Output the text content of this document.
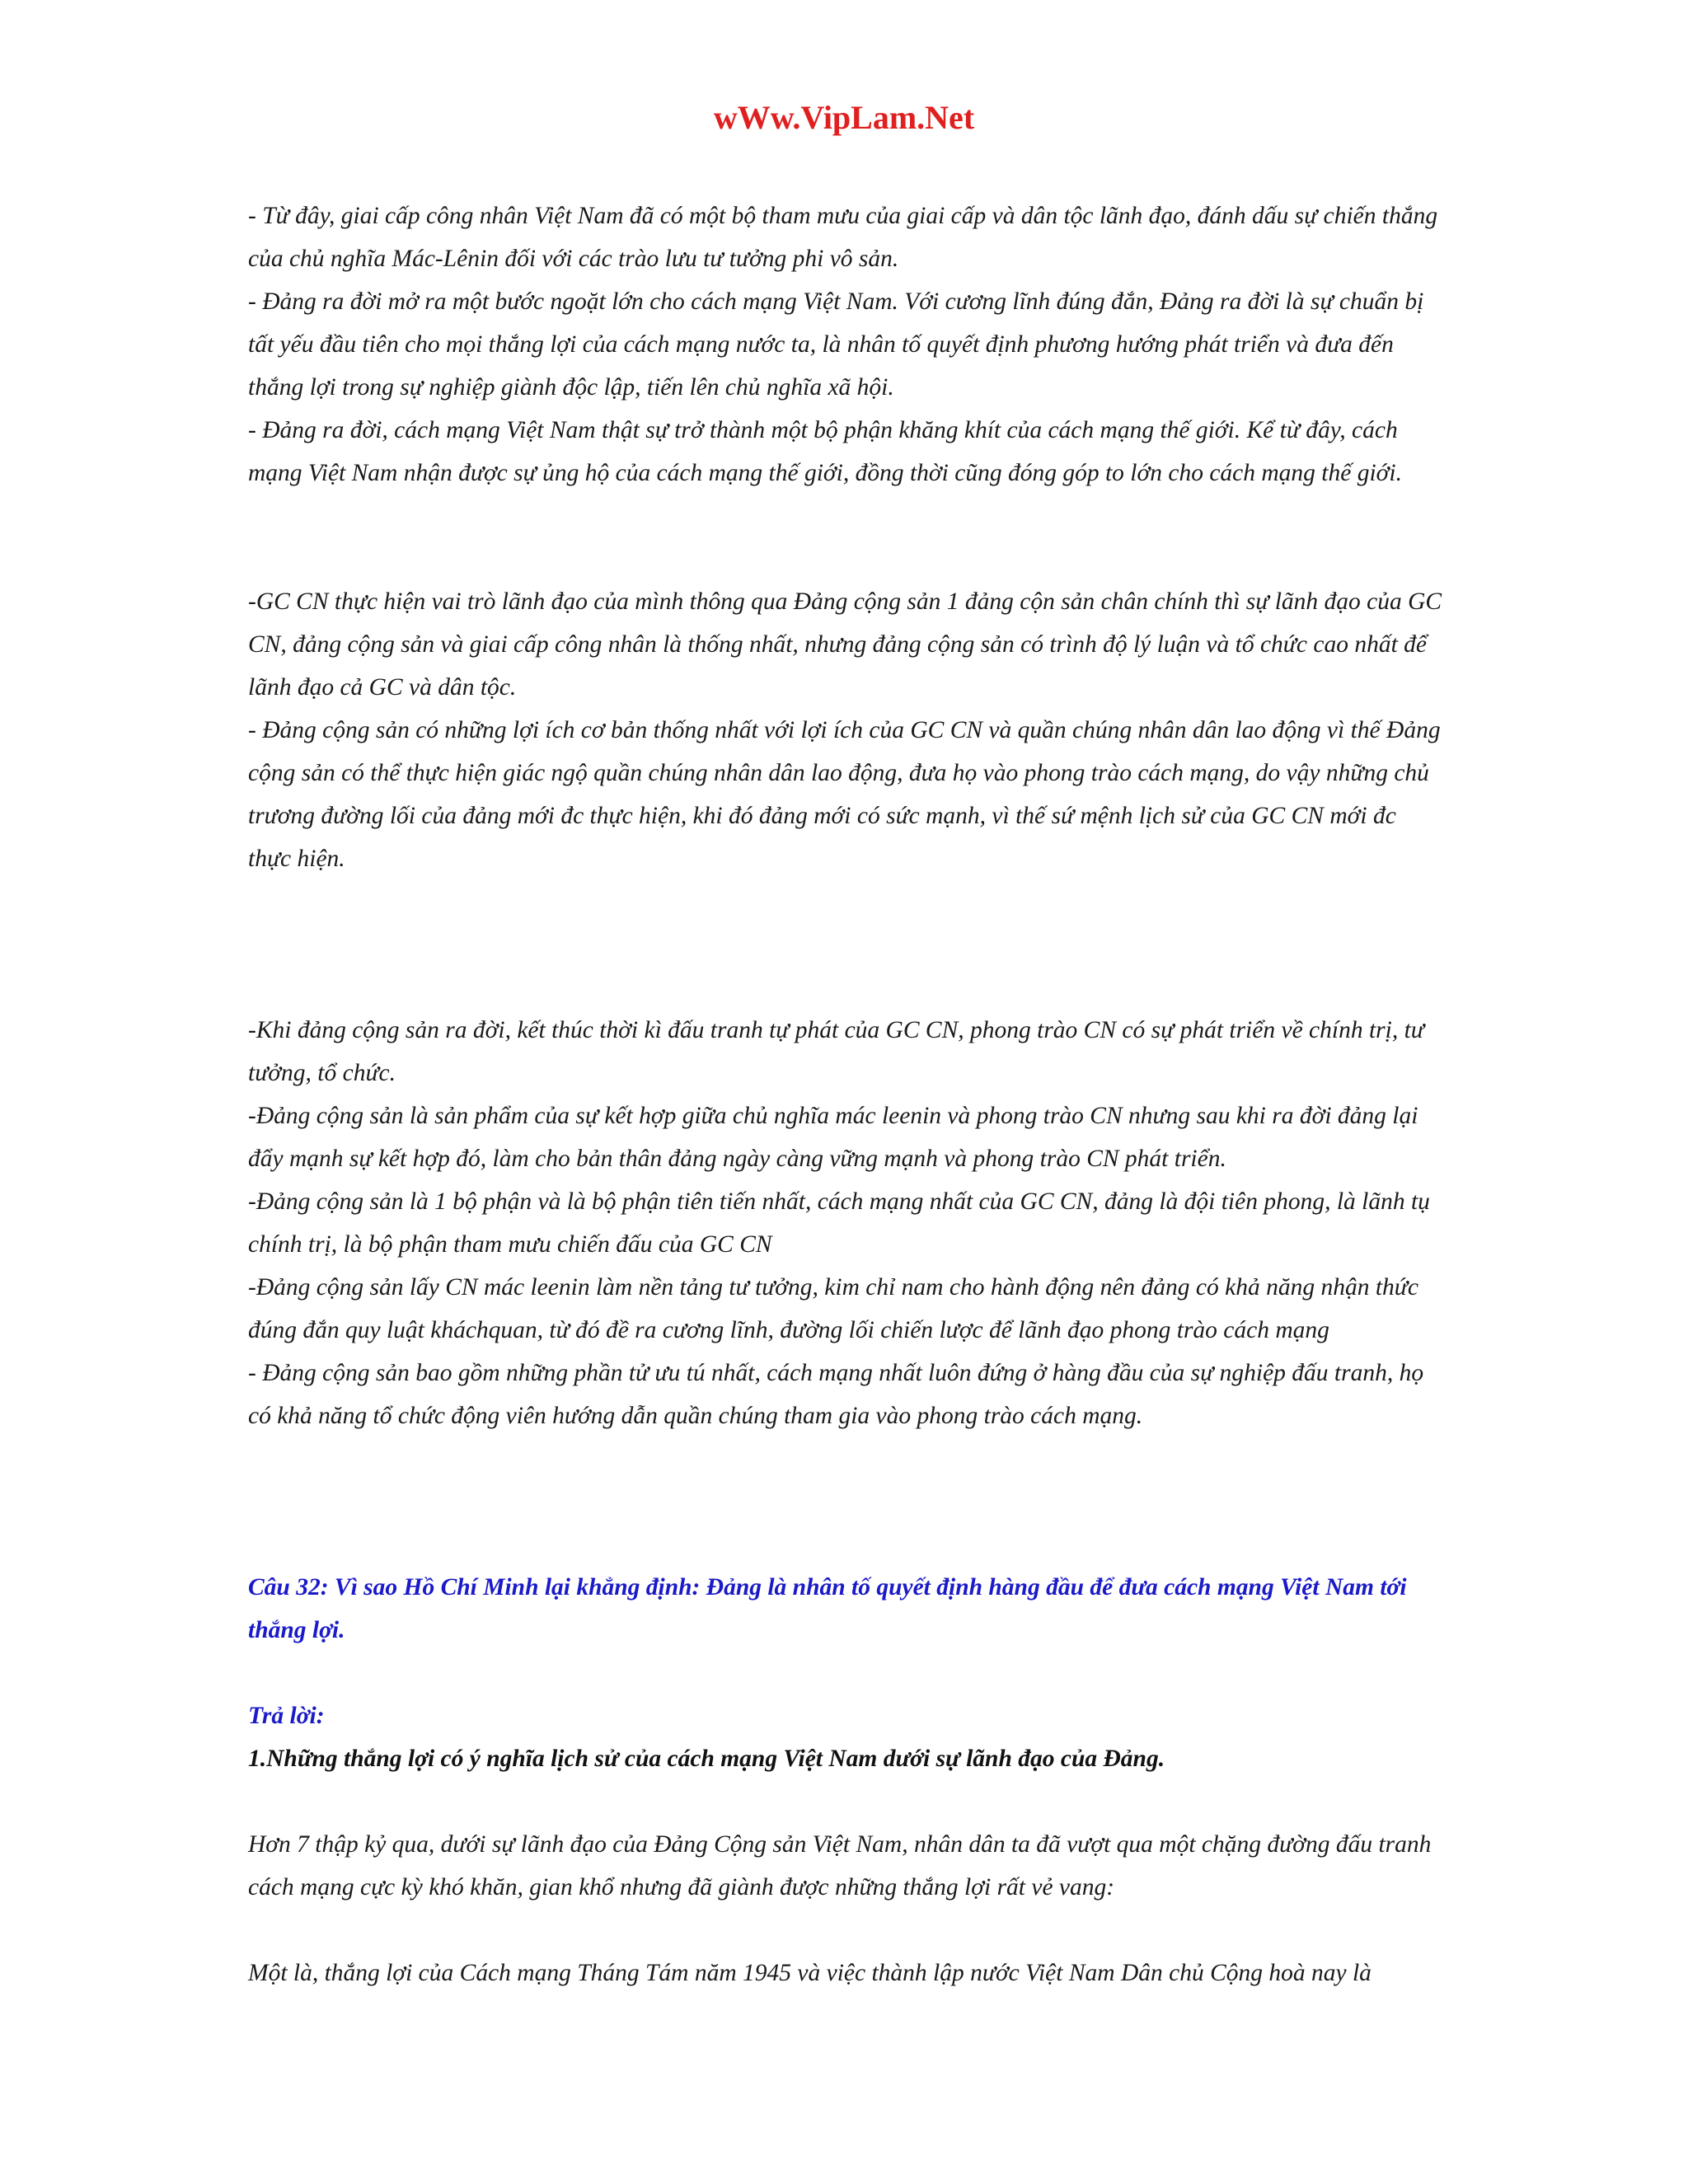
wWw.VipLam.Net

- Từ đây, giai cấp công nhân Việt Nam đã có một bộ tham mưu của giai cấp và dân tộc lãnh đạo, đánh dấu sự chiến thắng của chủ nghĩa Mác-Lênin đối với các trào lưu tư tưởng phi vô sản.

- Đảng ra đời mở ra một bước ngoặt lớn cho cách mạng Việt Nam. Với cương lĩnh đúng đắn, Đảng ra đời là sự chuẩn bị tất yếu đầu tiên cho mọi thắng lợi của cách mạng nước ta, là nhân tố quyết định phương hướng phát triển và đưa đến thắng lợi trong sự nghiệp giành độc lập, tiến lên chủ nghĩa xã hội.

- Đảng ra đời, cách mạng Việt Nam thật sự trở thành một bộ phận khăng khít của cách mạng thế giới. Kể từ đây, cách mạng Việt Nam nhận được sự ủng hộ của cách mạng thế giới, đồng thời cũng đóng góp to lớn cho cách mạng thế giới.

-GC CN thực hiện vai trò lãnh đạo của mình thông qua Đảng cộng sản 1 đảng cộn sản chân chính thì sự lãnh đạo của GC CN, đảng cộng sản và giai cấp công nhân là thống nhất, nhưng đảng cộng sản có trình độ lý luận và tổ chức cao nhất để lãnh đạo cả GC và dân tộc.

- Đảng cộng sản có những lợi ích cơ bản thống nhất với lợi ích của GC CN và quần chúng nhân dân lao động vì thế Đảng cộng sản có thể thực hiện giác ngộ quần chúng nhân dân lao động, đưa họ vào phong trào cách mạng, do vậy những chủ trương đường lối của đảng mới đc thực hiện, khi đó đảng mới có sức mạnh, vì thế sứ mệnh lịch sử của GC CN mới đc thực hiện.

-Khi đảng cộng sản ra đời, kết thúc thời kì đấu tranh tự phát của GC CN, phong trào CN có sự phát triển về chính trị, tư tưởng, tổ chức.

-Đảng cộng sản là sản phẩm của sự kết hợp giữa chủ nghĩa mác leenin và phong trào CN nhưng sau khi ra đời đảng lại đẩy mạnh sự kết hợp đó, làm cho bản thân đảng ngày càng vững mạnh và phong trào CN phát triển.

-Đảng cộng sản là 1 bộ phận và là bộ phận tiên tiến nhất, cách mạng nhất của GC CN, đảng là đội tiên phong, là lãnh tụ chính trị, là bộ phận tham mưu chiến đấu của GC CN

-Đảng cộng sản lấy CN mác leenin làm nền tảng tư tưởng, kim chỉ nam cho hành động nên đảng có khả năng nhận thức đúng đắn quy luật kháchquan, từ đó đề ra cương lĩnh, đường lối chiến lược để lãnh đạo phong trào cách mạng

- Đảng cộng sản bao gồm những phần tử ưu tú nhất, cách mạng nhất luôn đứng ở hàng đầu của sự nghiệp đấu tranh, họ có khả năng tổ chức động viên hướng dẫn quần chúng tham gia vào phong trào cách mạng.

Câu 32: Vì sao Hồ Chí Minh lại khẳng định: Đảng là nhân tố quyết định hàng đầu để đưa cách mạng Việt Nam tới thắng lợi.

Trả lời:

1.Những thắng lợi có ý nghĩa lịch sử của cách mạng Việt Nam dưới sự lãnh đạo của Đảng.

Hơn 7 thập kỷ qua, dưới sự lãnh đạo của Đảng Cộng sản Việt Nam, nhân dân ta đã vượt qua một chặng đường đấu tranh cách mạng cực kỳ khó khăn, gian khổ nhưng đã giành được những thắng lợi rất vẻ vang:

Một là, thắng lợi của Cách mạng Tháng Tám năm 1945 và việc thành lập nước Việt Nam Dân chủ Cộng hoà nay là
